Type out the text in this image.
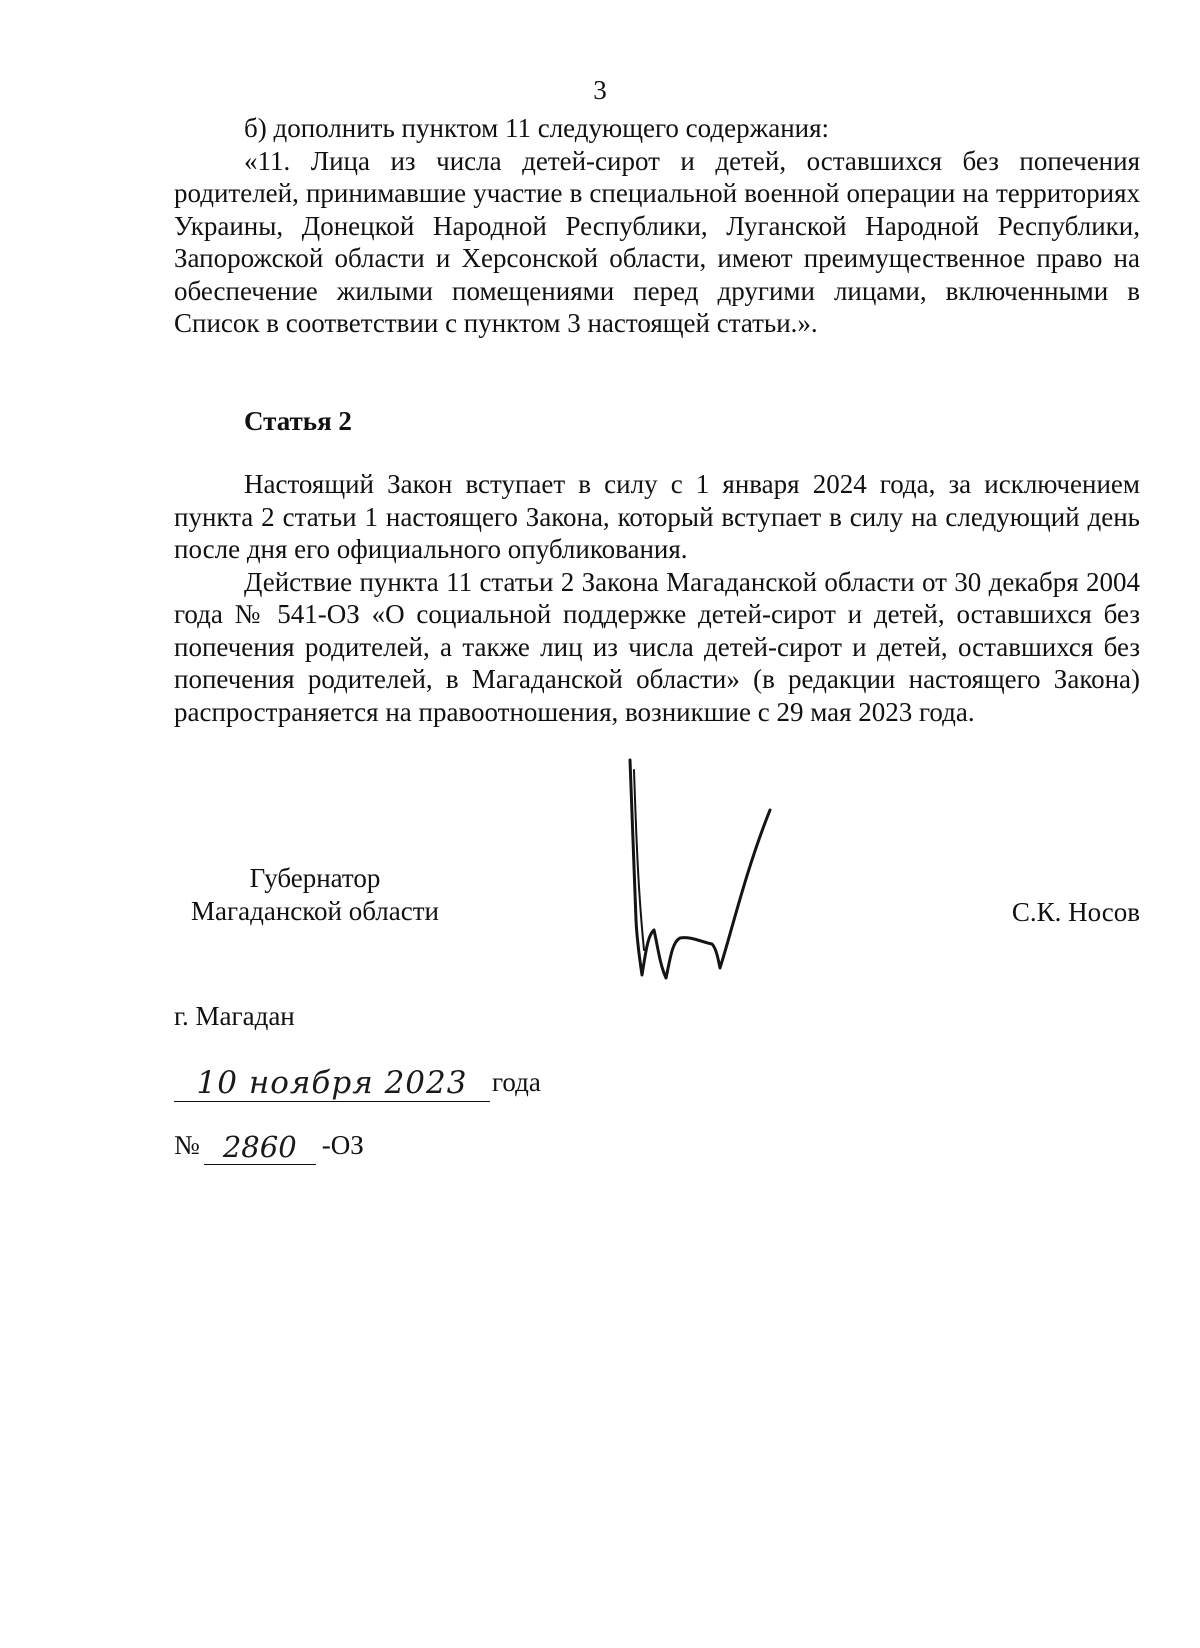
3

б) дополнить пунктом 11 следующего содержания:

«11. Лица из числа детей-сирот и детей, оставшихся без попечения родителей, принимавшие участие в специальной военной операции на территориях Украины, Донецкой Народной Республики, Луганской Народной Республики, Запорожской области и Херсонской области, имеют преимущественное право на обеспечение жилыми помещениями перед другими лицами, включенными в Список в соответствии с пунктом 3 настоящей статьи.».

Статья 2

Настоящий Закон вступает в силу с 1 января 2024 года, за исключением пункта 2 статьи 1 настоящего Закона, который вступает в силу на следующий день после дня его официального опубликования.

Действие пункта 11 статьи 2 Закона Магаданской области от 30 декабря 2004 года № 541-ОЗ «О социальной поддержке детей-сирот и детей, оставшихся без попечения родителей, а также лиц из числа детей-сирот и детей, оставшихся без попечения родителей, в Магаданской области» (в редакции настоящего Закона) распространяется на правоотношения, возникшие с 29 мая 2023 года.

Губернатор
Магаданской области	С.К. Носов
г. Магадан
10 ноября 2023 года
№ 2860 -ОЗ
